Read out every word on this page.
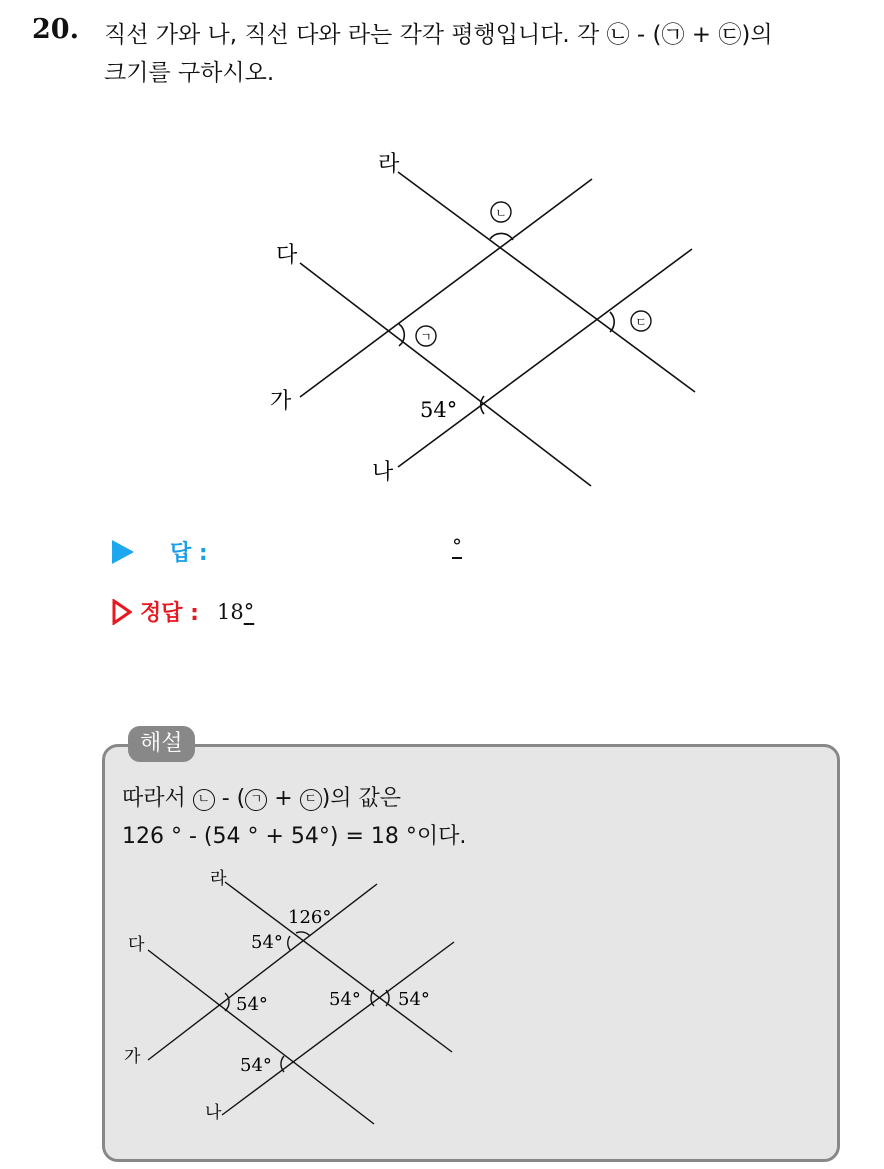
20. 직선 가와 나, 직선 다와 라는 각각 평행입니다. 각 ㉡ - (㉠ + ㉢)의
크기를 구하시오.
라
다
가
나
ㄴ
ㄱ
ㄷ
54°
답 :	°
정답 : 18°
해설
따라서 ㄴ - ( ㄱ + ㄷ )의 값은
126 ° - (54 ° + 54°) = 18 °이다.
라
다
가
나
126°
54°
54°	54° 54°
54°
